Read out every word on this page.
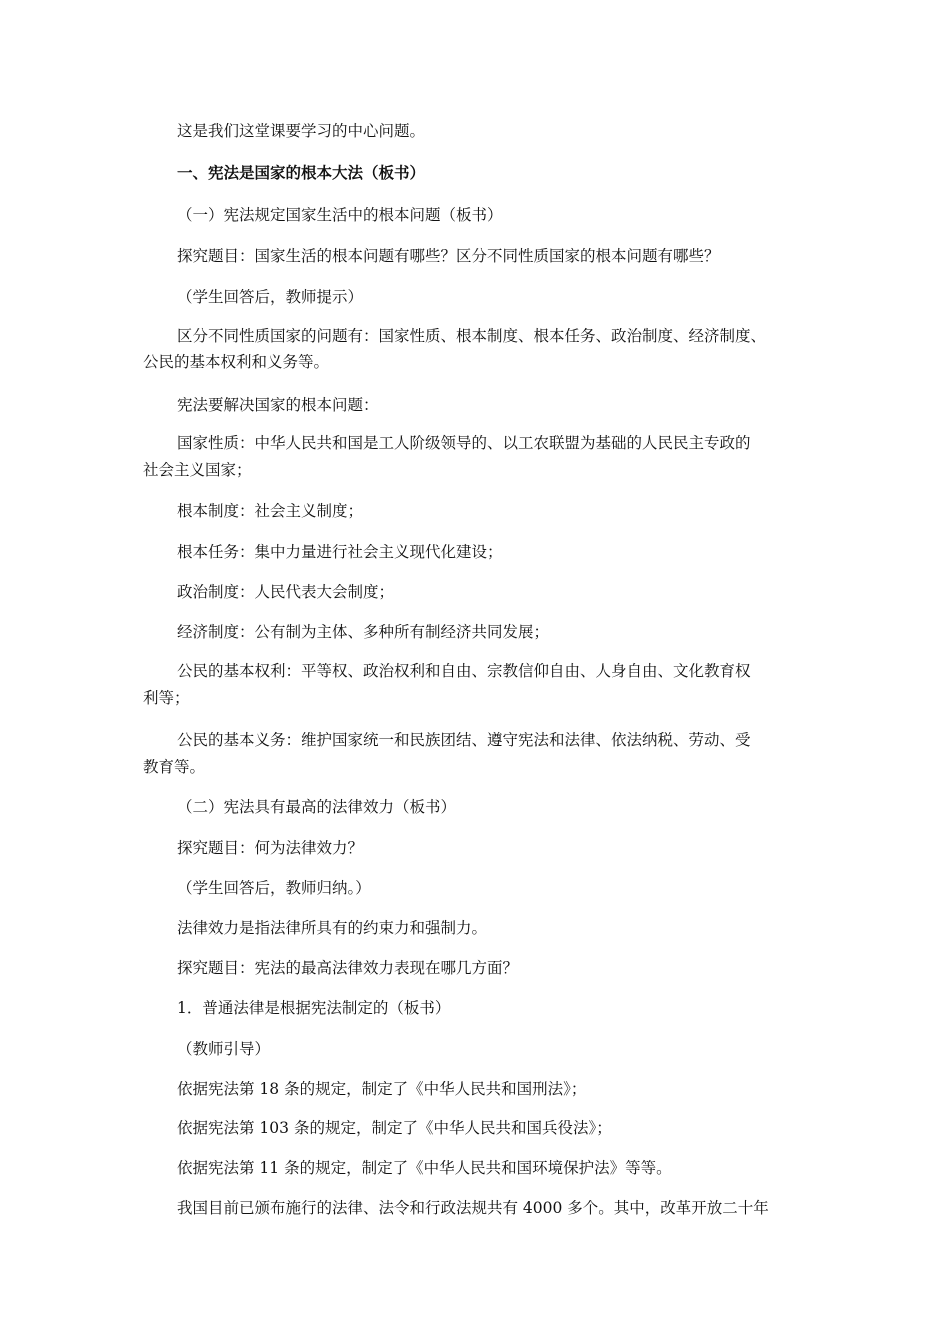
这是我们这堂课要学习的中心问题。
一、宪法是国家的根本大法（板书）
（一）宪法规定国家生活中的根本问题（板书）
探究题目：国家生活的根本问题有哪些？区分不同性质国家的根本问题有哪些？
（学生回答后，教师提示）
区分不同性质国家的问题有：国家性质、根本制度、根本任务、政治制度、经济制度、
公民的基本权利和义务等。
宪法要解决国家的根本问题：
国家性质：中华人民共和国是工人阶级领导的、以工农联盟为基础的人民民主专政的
社会主义国家；
根本制度：社会主义制度；
根本任务：集中力量进行社会主义现代化建设；
政治制度：人民代表大会制度；
经济制度：公有制为主体、多种所有制经济共同发展；
公民的基本权利：平等权、政治权利和自由、宗教信仰自由、人身自由、文化教育权
利等；
公民的基本义务：维护国家统一和民族团结、遵守宪法和法律、依法纳税、劳动、受
教育等。
（二）宪法具有最高的法律效力（板书）
探究题目：何为法律效力？
（学生回答后，教师归纳。）
法律效力是指法律所具有的约束力和强制力。
探究题目：宪法的最高法律效力表现在哪几方面？
1．普通法律是根据宪法制定的（板书）
（教师引导）
依据宪法第 18 条的规定，制定了《中华人民共和国刑法》；
依据宪法第 103 条的规定，制定了《中华人民共和国兵役法》；
依据宪法第 11 条的规定，制定了《中华人民共和国环境保护法》等等。
我国目前已颁布施行的法律、法令和行政法规共有 4000 多个。其中，改革开放二十年
